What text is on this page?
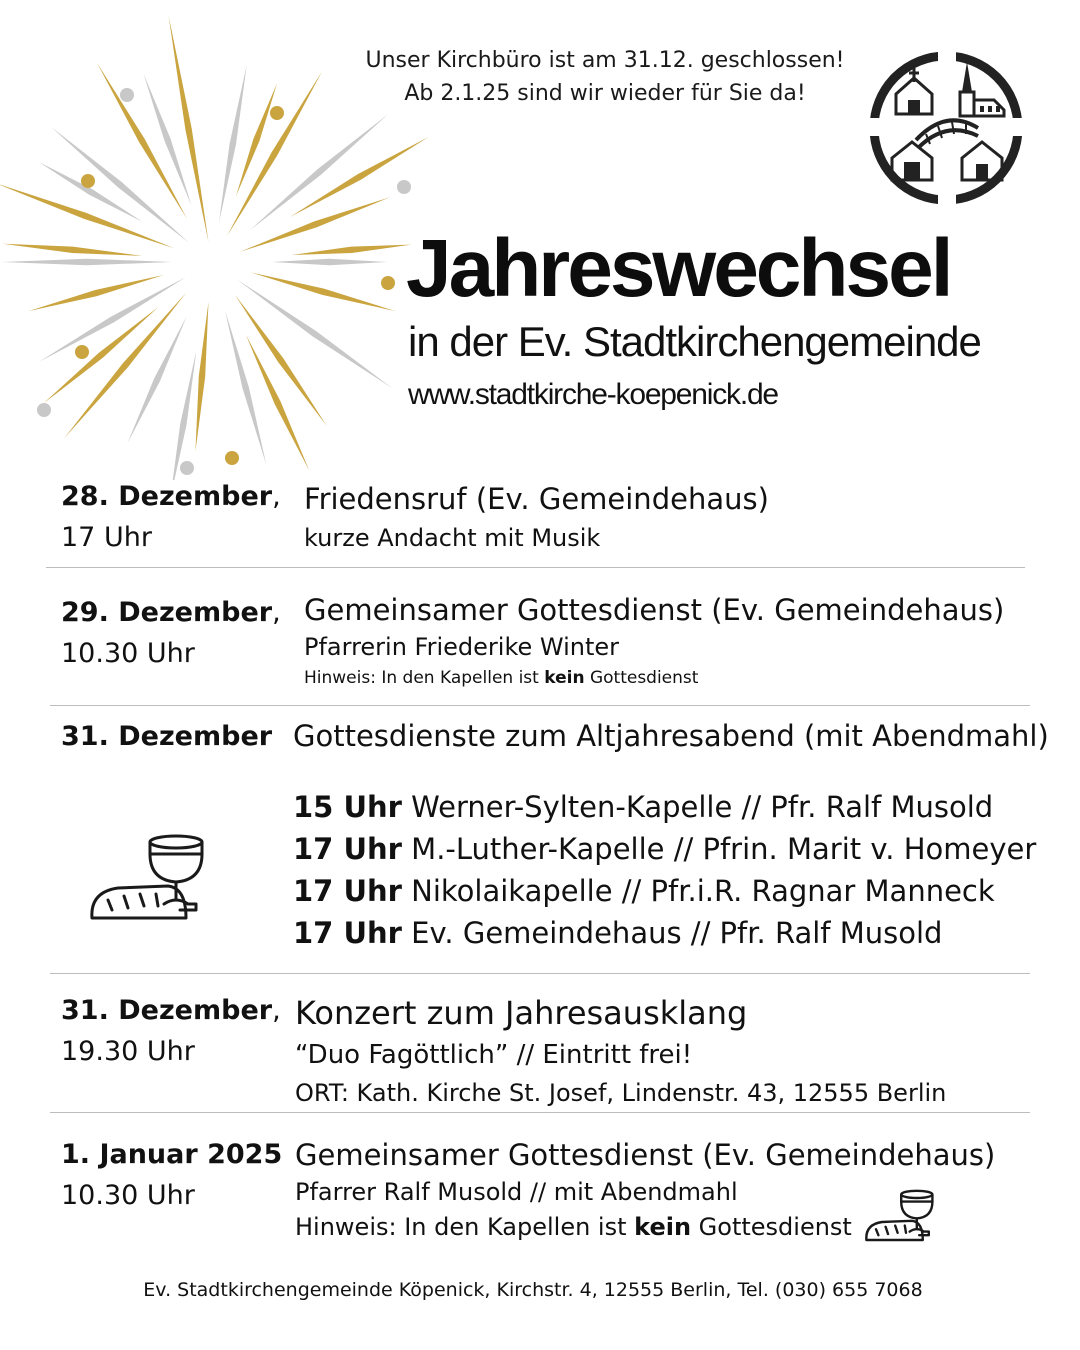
Unser Kirchbüro ist am 31.12. geschlossen!
Ab 2.1.25 sind wir wieder für Sie da!
Jahreswechsel
in der Ev. Stadtkirchengemeinde
www.stadtkirche-koepenick.de
28. Dezember,
17 Uhr
Friedensruf (Ev. Gemeindehaus)
kurze Andacht mit Musik
29. Dezember,
10.30 Uhr
Gemeinsamer Gottesdienst (Ev. Gemeindehaus)
Pfarrerin Friederike Winter
Hinweis: In den Kapellen ist kein Gottesdienst
31. Dezember Gottesdienste zum Altjahresabend (mit Abendmahl)
15 Uhr Werner-Sylten-Kapelle // Pfr. Ralf Musold
17 Uhr M.-Luther-Kapelle // Pfrin. Marit v. Homeyer
17 Uhr Nikolaikapelle // Pfr.i.R. Ragnar Manneck
17 Uhr Ev. Gemeindehaus // Pfr. Ralf Musold
31. Dezember,
19.30 Uhr
Konzert zum Jahresausklang
“Duo Fagöttlich” // Eintritt frei!
ORT: Kath. Kirche St. Josef, Lindenstr. 43, 12555 Berlin
1. Januar 2025
10.30 Uhr
Gemeinsamer Gottesdienst (Ev. Gemeindehaus)
Pfarrer Ralf Musold // mit Abendmahl
Hinweis: In den Kapellen ist kein Gottesdienst
Ev. Stadtkirchengemeinde Köpenick, Kirchstr. 4, 12555 Berlin, Tel. (030) 655 7068
